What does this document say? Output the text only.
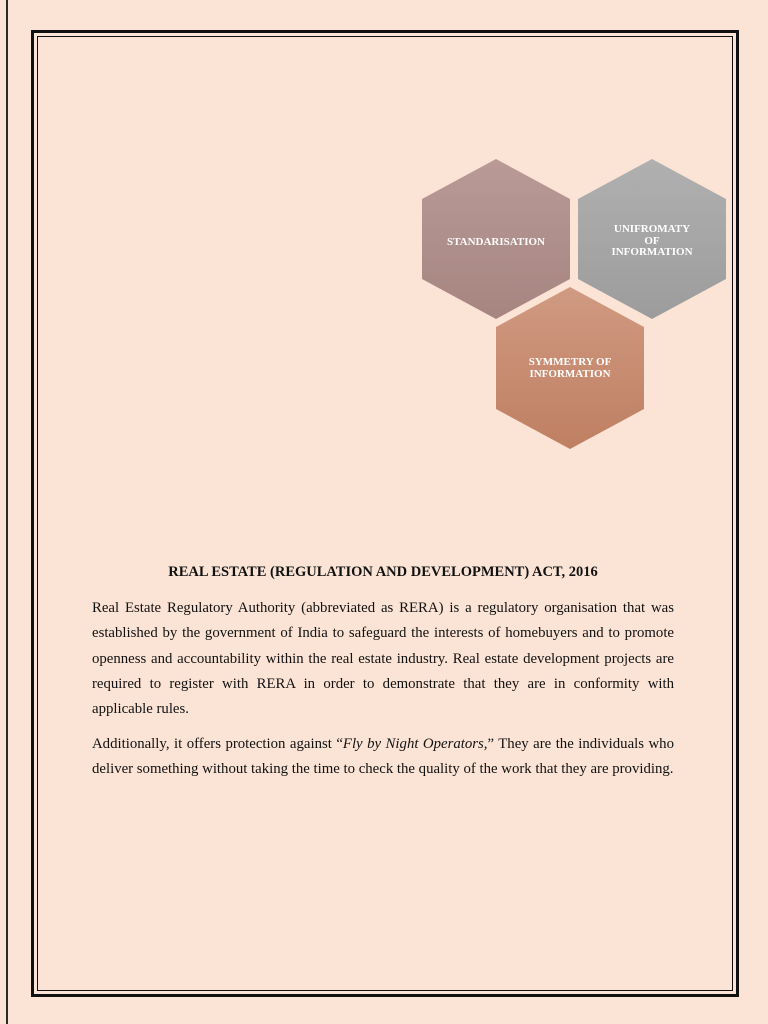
STANDARISATION
UNIFROMATY
OF
INFORMATION
SYMMETRY OF
INFORMATION
REAL ESTATE (REGULATION AND DEVELOPMENT) ACT, 2016

Real Estate Regulatory Authority (abbreviated as RERA) is a regulatory organisation that was established by the government of India to safeguard the interests of homebuyers and to promote openness and accountability within the real estate industry. Real estate development projects are required to register with RERA in order to demonstrate that they are in conformity with applicable rules.

Additionally, it offers protection against “Fly by Night Operators,” They are the individuals who deliver something without taking the time to check the quality of the work that they are providing.
